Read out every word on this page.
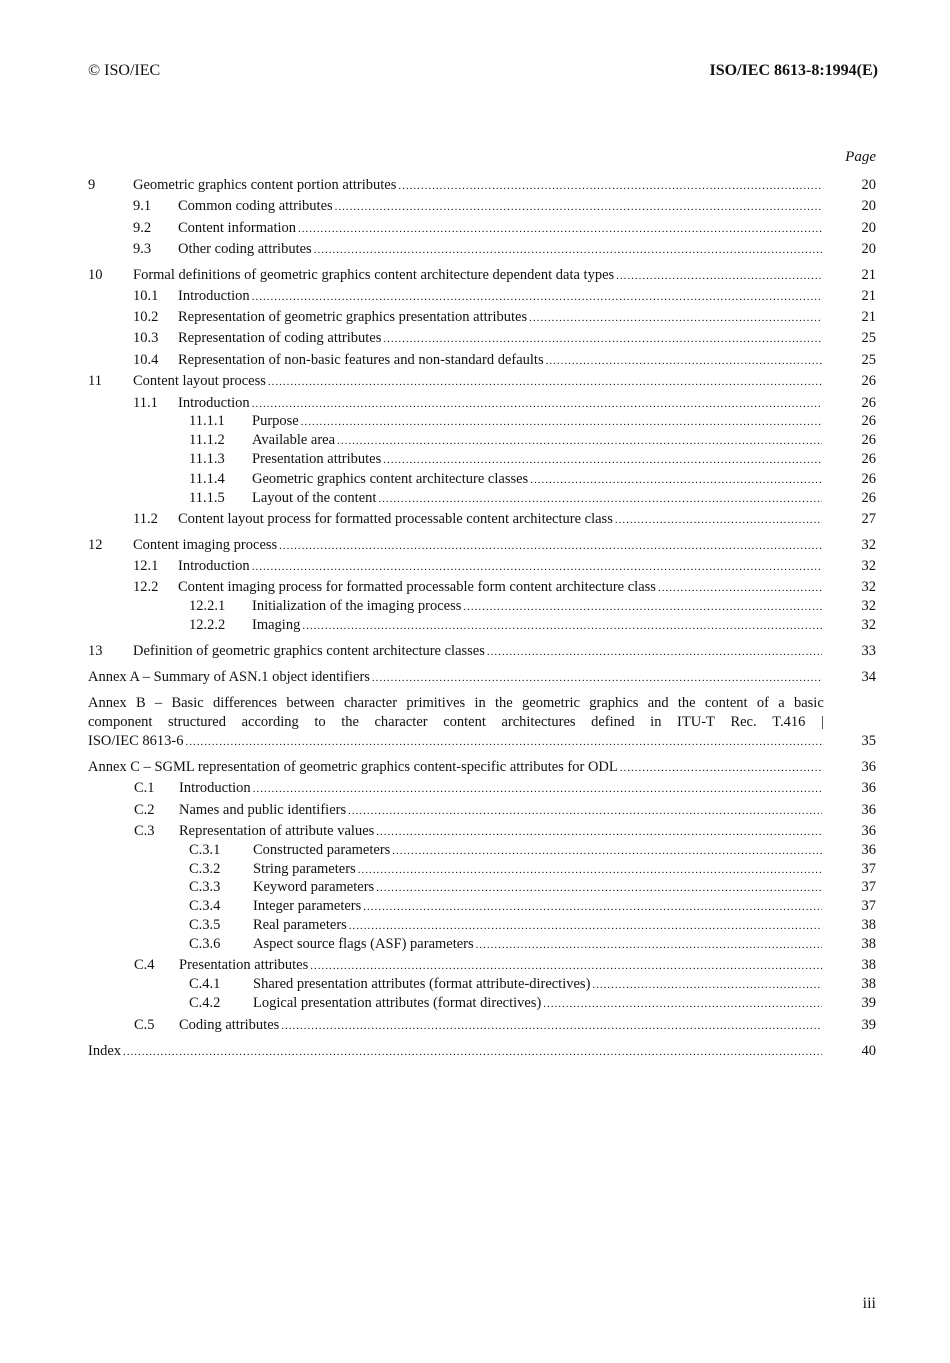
© ISO/IEC	ISO/IEC 8613-8:1994(E)
Page
9	Geometric graphics content portion attributes .....	20
9.1 Common coding attributes .....	20
9.2 Content information .....	20
9.3 Other coding attributes .....	20
10 Formal definitions of geometric graphics content architecture dependent data types .....	21
10.1 Introduction .....	21
10.2 Representation of geometric graphics presentation attributes .....	21
10.3 Representation of coding attributes .....	25
10.4 Representation of non-basic features and non-standard defaults .....	25
11 Content layout process .....	26
11.1 Introduction .....	26
11.1.1 Purpose .....	26
11.1.2 Available area .....	26
11.1.3 Presentation attributes .....	26
11.1.4 Geometric graphics content architecture classes .....	26
11.1.5 Layout of the content .....	26
11.2 Content layout process for formatted processable content architecture class .....	27
12 Content imaging process .....	32
12.1 Introduction .....	32
12.2 Content imaging process for formatted processable form content architecture class .....	32
12.2.1 Initialization of the imaging process .....	32
12.2.2 Imaging .....	32
13 Definition of geometric graphics content architecture classes .....	33
Annex A – Summary of ASN.1 object identifiers .....	34
Annex B – Basic differences between character primitives in the geometric graphics and the content of a basic
component structured according to the character content architectures defined in ITU-T Rec. T.416 |
ISO/IEC 8613-6 .....	35
Annex C – SGML representation of geometric graphics content-specific attributes for ODL .....	36
C.1 Introduction .....	36
C.2 Names and public identifiers .....	36
C.3 Representation of attribute values .....	36
C.3.1 Constructed parameters .....	36
C.3.2 String parameters .....	37
C.3.3 Keyword parameters .....	37
C.3.4 Integer parameters .....	37
C.3.5 Real parameters .....	38
C.3.6 Aspect source flags (ASF) parameters .....	38
C.4 Presentation attributes .....	38
C.4.1 Shared presentation attributes (format attribute-directives) .....	38
C.4.2 Logical presentation attributes (format directives) .....	39
C.5 Coding attributes .....	39
Index .....	40
iii
